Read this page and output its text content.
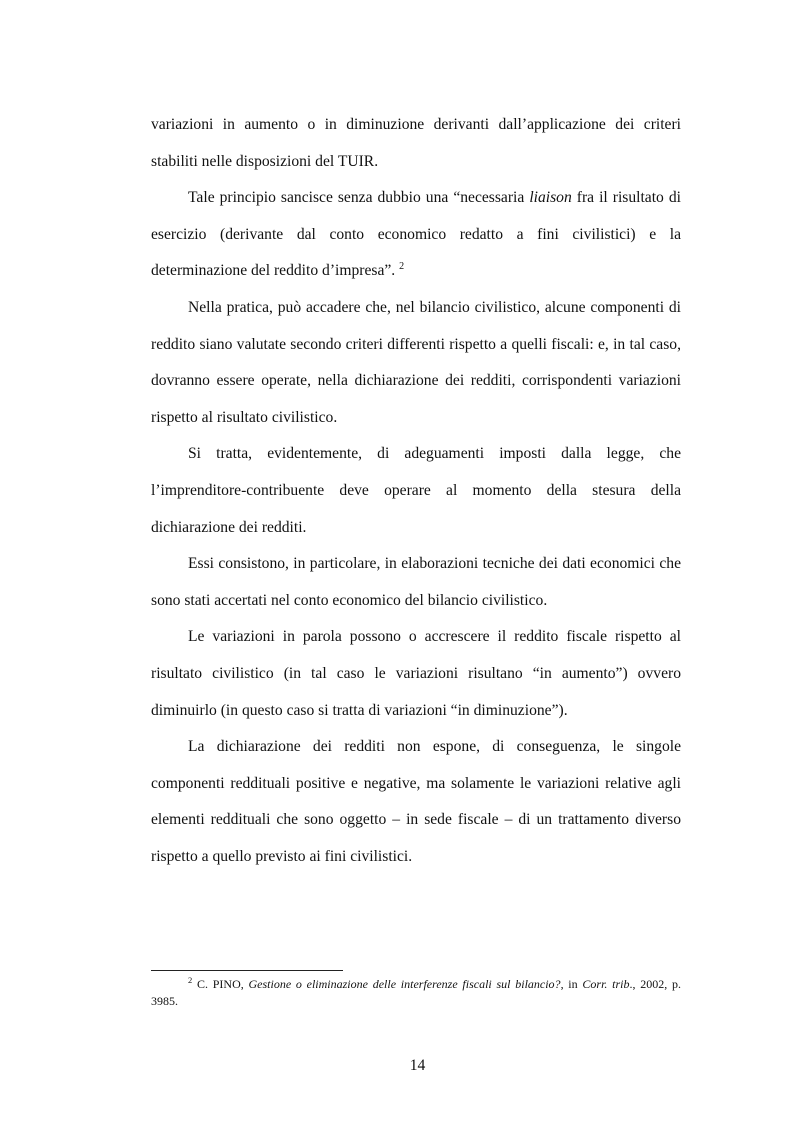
variazioni in aumento o in diminuzione derivanti dall’applicazione dei criteri stabiliti nelle disposizioni del TUIR.

Tale principio sancisce senza dubbio una “necessaria liaison fra il risultato di esercizio (derivante dal conto economico redatto a fini civilistici) e la determinazione del reddito d’impresa”. $^2$

Nella pratica, può accadere che, nel bilancio civilistico, alcune componenti di reddito siano valutate secondo criteri differenti rispetto a quelli fiscali: e, in tal caso, dovranno essere operate, nella dichiarazione dei redditi, corrispondenti variazioni rispetto al risultato civilistico.

Si tratta, evidentemente, di adeguamenti imposti dalla legge, che l’imprenditore-contribuente deve operare al momento della stesura della dichiarazione dei redditi.

Essi consistono, in particolare, in elaborazioni tecniche dei dati economici che sono stati accertati nel conto economico del bilancio civilistico.

Le variazioni in parola possono o accrescere il reddito fiscale rispetto al risultato civilistico (in tal caso le variazioni risultano “in aumento”) ovvero diminuirlo (in questo caso si tratta di variazioni “in diminuzione”).

La dichiarazione dei redditi non espone, di conseguenza, le singole componenti reddituali positive e negative, ma solamente le variazioni relative agli elementi reddituali che sono oggetto – in sede fiscale – di un trattamento diverso rispetto a quello previsto ai fini civilistici.

$^2$ C. PINO, Gestione o eliminazione delle interferenze fiscali sul bilancio?, in Corr. trib., 2002, p. 3985.

14
